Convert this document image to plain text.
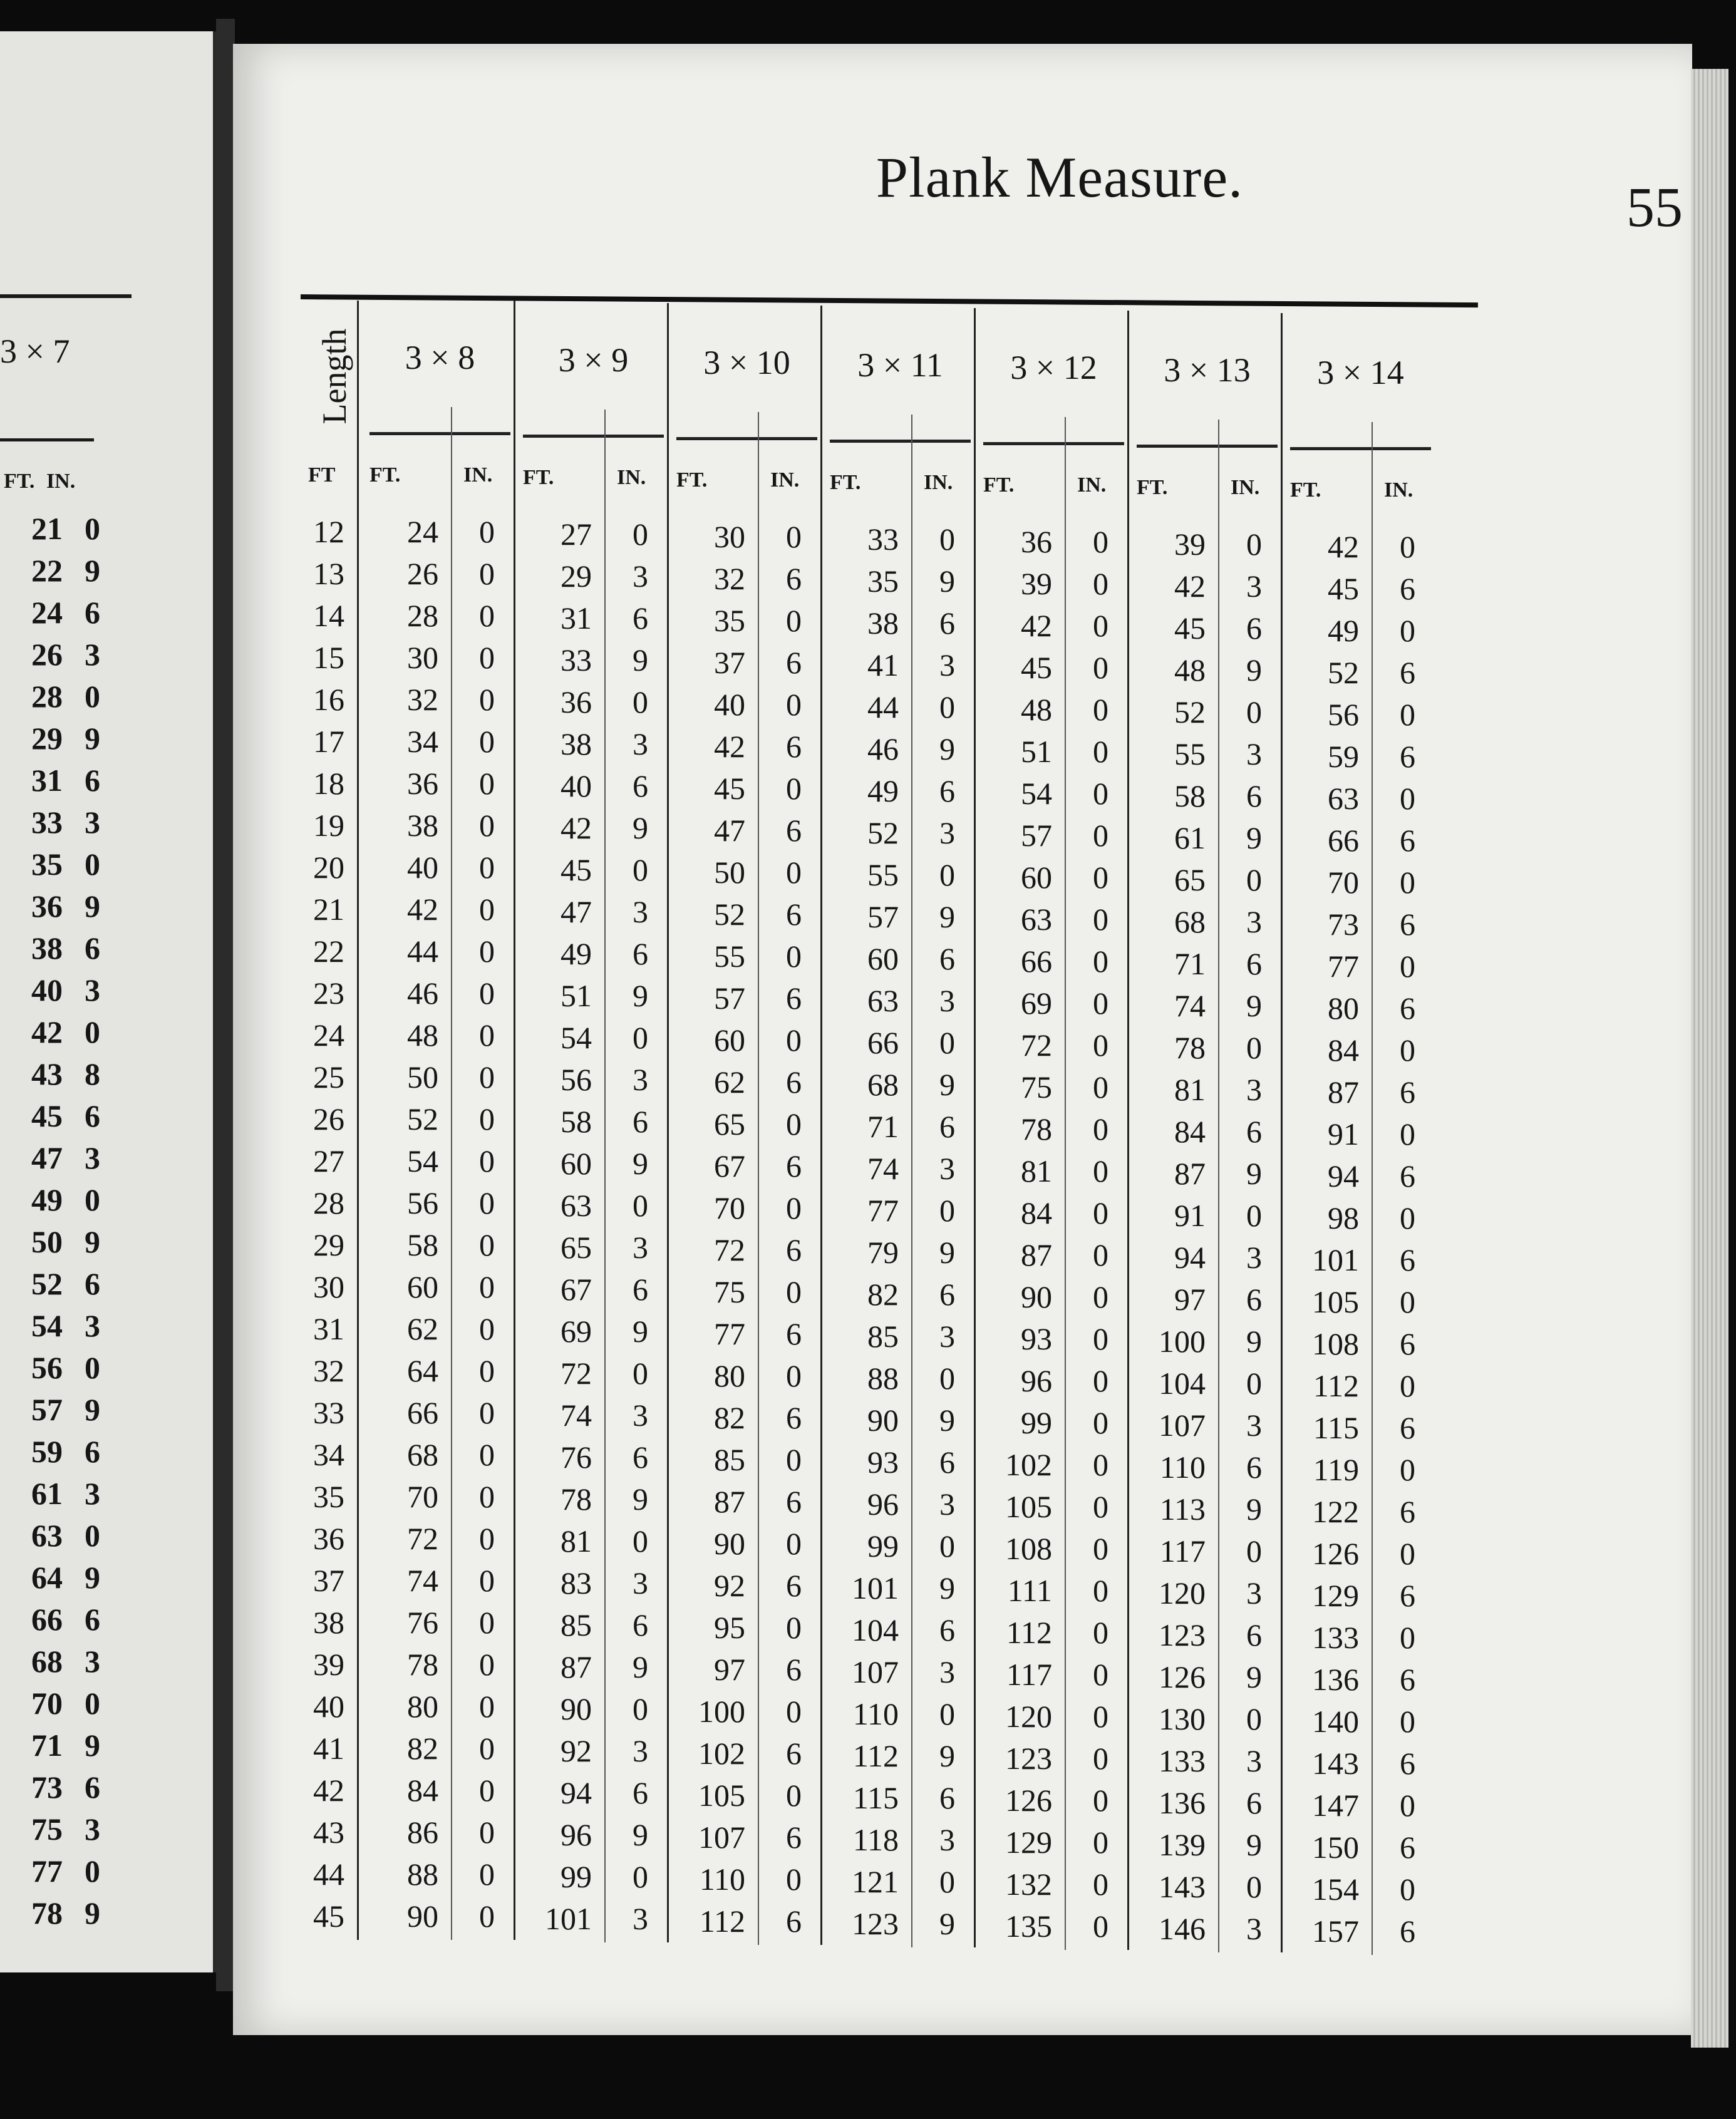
3 × 7
FT. IN.
21 0
22 9
24 6
26 3
28 0
29 9
31 6
33 3
35 0
36 9
38 6
40 3
42 0
43 8
45 6
47 3
49 0
50 9
52 6
54 3
56 0
57 9
59 6
61 3
63 0
64 9
66 6
68 3
70 0
71 9
73 6
75 3
77 0
78 9
Plank Measure.	55
Length
FT
3 × 8
FT.	IN.
3 × 9
FT.	IN.
3 × 10
FT.	IN.
3 × 11
FT.	IN.
3 × 12
FT.	IN.
3 × 13
FT.	IN.
3 × 14
FT.	IN.
12	24	0	27	0	30	0	33	0	36	0	39	0	42	0
13	26	0	29	3	32	6	35	9	39	0	42	3	45	6
14	28	0	31	6	35	0	38	6	42	0	45	6	49	0
15	30	0	33	9	37	6	41	3	45	0	48	9	52	6
16	32	0	36	0	40	0	44	0	48	0	52	0	56	0
17	34	0	38	3	42	6	46	9	51	0	55	3	59	6
18	36	0	40	6	45	0	49	6	54	0	58	6	63	0
19	38	0	42	9	47	6	52	3	57	0	61	9	66	6
20	40	0	45	0	50	0	55	0	60	0	65	0	70	0
21	42	0	47	3	52	6	57	9	63	0	68	3	73	6
22	44	0	49	6	55	0	60	6	66	0	71	6	77	0
23	46	0	51	9	57	6	63	3	69	0	74	9	80	6
24	48	0	54	0	60	0	66	0	72	0	78	0	84	0
25	50	0	56	3	62	6	68	9	75	0	81	3	87	6
26	52	0	58	6	65	0	71	6	78	0	84	6	91	0
27	54	0	60	9	67	6	74	3	81	0	87	9	94	6
28	56	0	63	0	70	0	77	0	84	0	91	0	98	0
29	58	0	65	3	72	6	79	9	87	0	94	3	101	6
30	60	0	67	6	75	0	82	6	90	0	97	6	105	0
31	62	0	69	9	77	6	85	3	93	0	100	9	108	6
32	64	0	72	0	80	0	88	0	96	0	104	0	112	0
33	66	0	74	3	82	6	90	9	99	0	107	3	115	6
34	68	0	76	6	85	0	93	6	102	0	110	6	119	0
35	70	0	78	9	87	6	96	3	105	0	113	9	122	6
36	72	0	81	0	90	0	99	0	108	0	117	0	126	0
37	74	0	83	3	92	6	101	9	111	0	120	3	129	6
38	76	0	85	6	95	0	104	6	112	0	123	6	133	0
39	78	0	87	9	97	6	107	3	117	0	126	9	136	6
40	80	0	90	0	100	0	110	0	120	0	130	0	140	0
41	82	0	92	3	102	6	112	9	123	0	133	3	143	6
42	84	0	94	6	105	0	115	6	126	0	136	6	147	0
43	86	0	96	9	107	6	118	3	129	0	139	9	150	6
44	88	0	99	0	110	0	121	0	132	0	143	0	154	0
45	90	0	101	3	112	6	123	9	135	0	146	3	157	6
